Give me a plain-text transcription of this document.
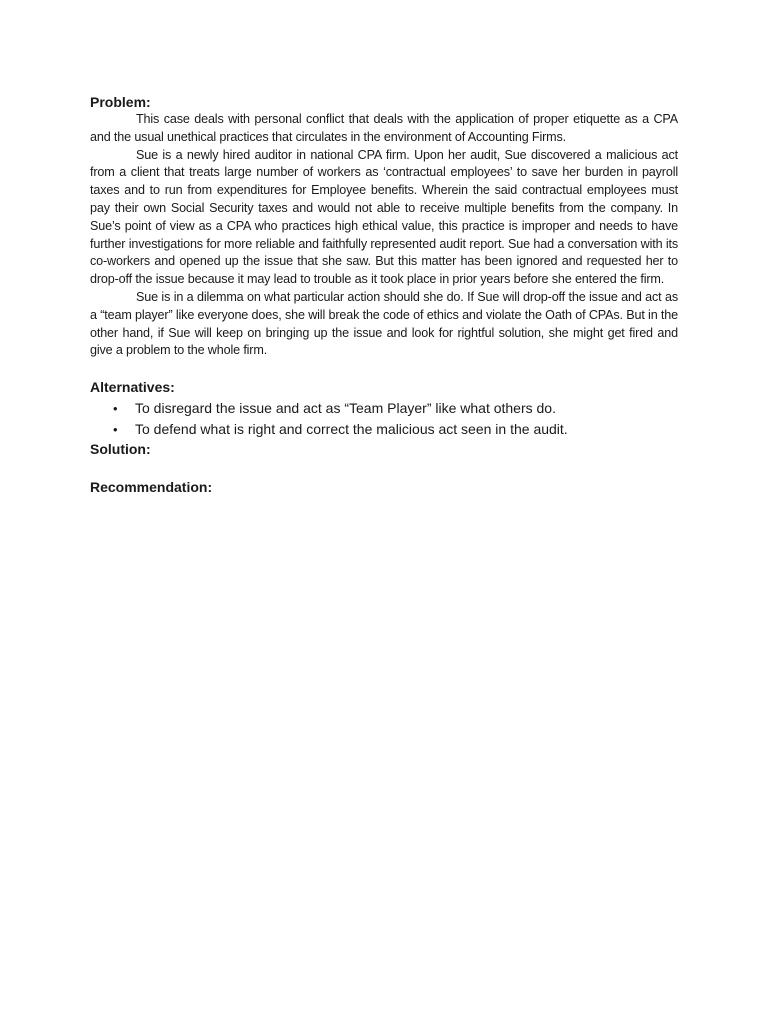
Problem:

This case deals with personal conflict that deals with the application of proper etiquette as a CPA and the usual unethical practices that circulates in the environment of Accounting Firms.

Sue is a newly hired auditor in national CPA firm. Upon her audit, Sue discovered a malicious act from a client that treats large number of workers as ‘contractual employees’ to save her burden in payroll taxes and to run from expenditures for Employee benefits. Wherein the said contractual employees must pay their own Social Security taxes and would not able to receive multiple benefits from the company. In Sue’s point of view as a CPA who practices high ethical value, this practice is improper and needs to have further investigations for more reliable and faithfully represented audit report. Sue had a conversation with its co-workers and opened up the issue that she saw. But this matter has been ignored and requested her to drop-off the issue because it may lead to trouble as it took place in prior years before she entered the firm.

Sue is in a dilemma on what particular action should she do. If Sue will drop-off the issue and act as a “team player” like everyone does, she will break the code of ethics and violate the Oath of CPAs. But in the other hand, if Sue will keep on bringing up the issue and look for rightful solution, she might get fired and give a problem to the whole firm.

Alternatives:

• To disregard the issue and act as “Team Player” like what others do.
• To defend what is right and correct the malicious act seen in the audit.

Solution:

Recommendation:
